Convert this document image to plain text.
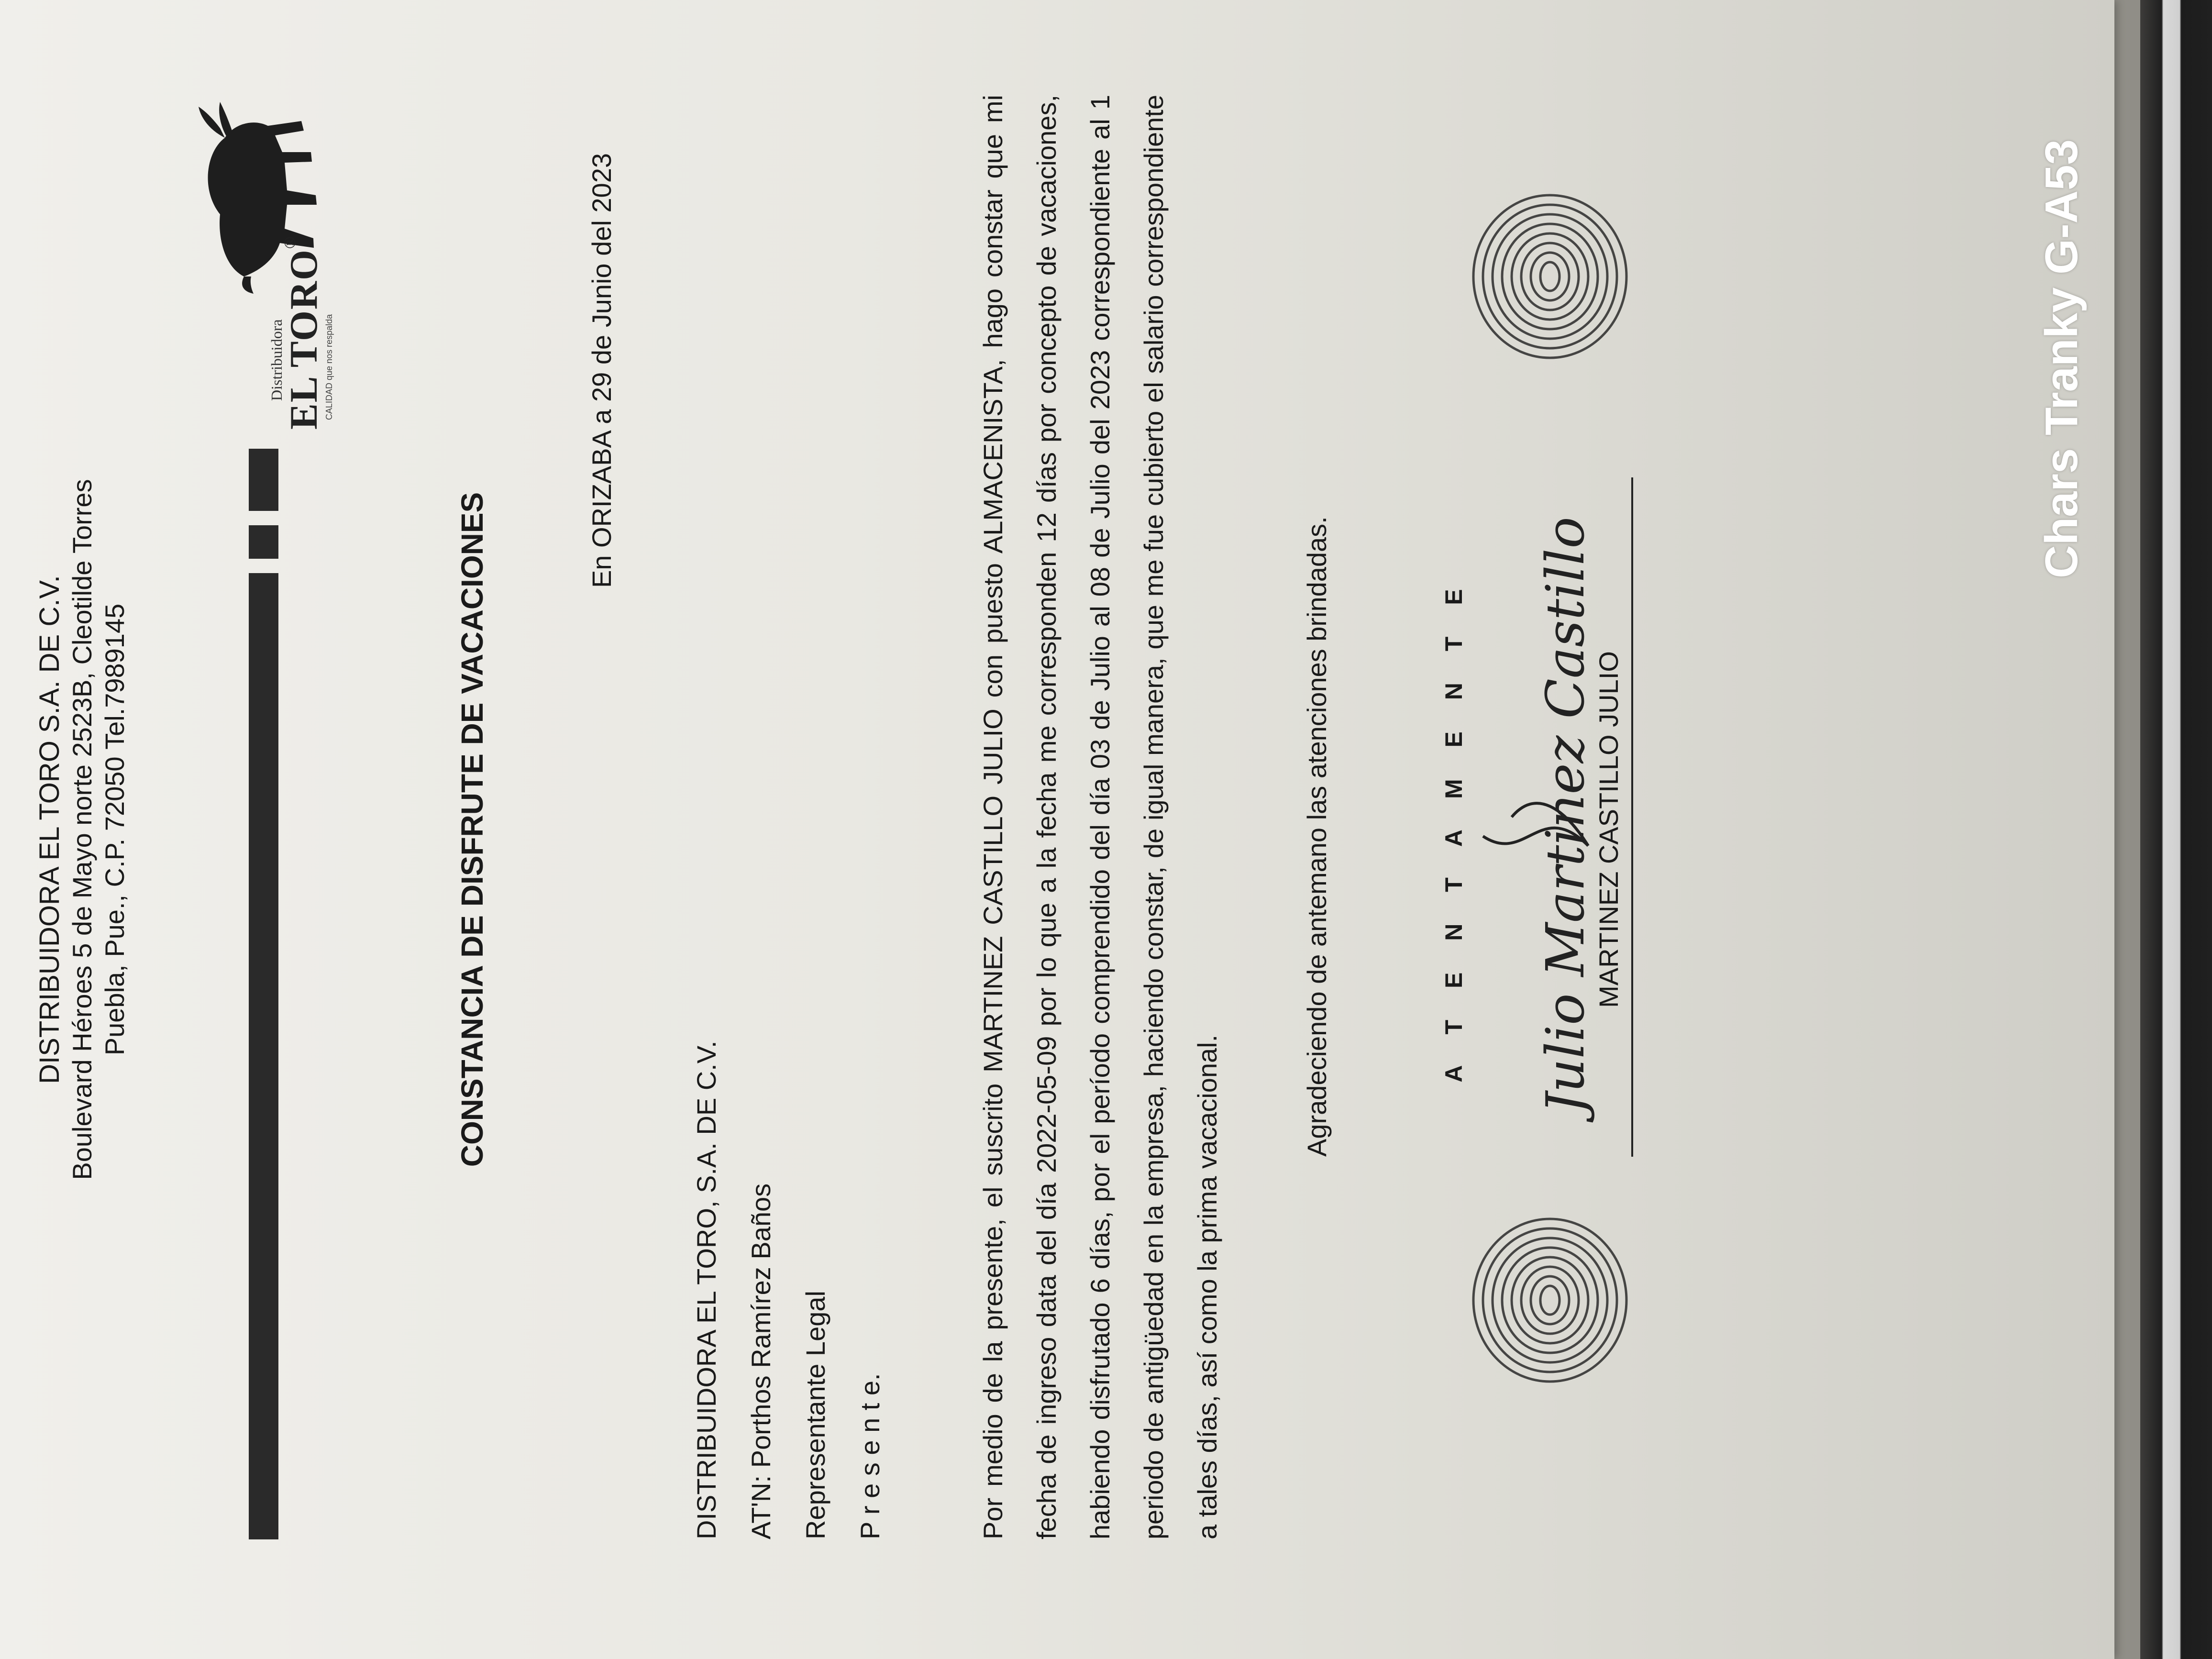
DISTRIBUIDORA EL TORO S.A. DE C.V. Boulevard Héroes 5 de Mayo norte 2523B, Cleotilde Torres Puebla, Pue., C.P. 72050 Tel.7989145
Distribuidora
EL TORO®
CALIDAD que nos respalda
CONSTANCIA DE DISFRUTE DE VACACIONES
En ORIZABA a 29 de Junio del 2023
DISTRIBUIDORA EL TORO, S.A. DE C.V. AT'N: Porthos Ramírez Baños Representante Legal P r e s e n t e.	Por medio de la presente, el suscrito MARTINEZ CASTILLO JULIO con puesto ALMACENISTA, hago constar que mi fecha de ingreso data del día 2022-05-09 por lo que a la fecha me corresponden 12 días por concepto de vacaciones, habiendo disfrutado 6 días, por el período comprendido del día 03 de Julio al 08 de Julio del 2023 correspondiente al 1 periodo de antigüedad en la empresa, haciendo constar, de igual manera, que me fue cubierto el salario correspondiente a tales días, así como la prima vacacional.
Agradeciendo de antemano las atenciones brindadas.	A T E N T A M E N T E Julio Martinez Castillo
MARTINEZ CASTILLO JULIO
Chars Tranky G-A53
